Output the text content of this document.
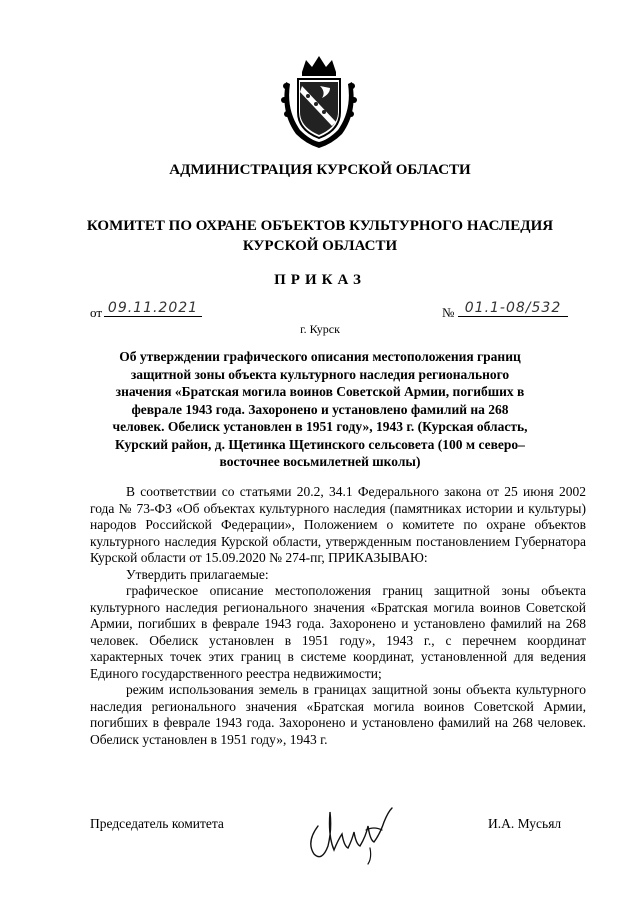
АДМИНИСТРАЦИЯ КУРСКОЙ ОБЛАСТИ
КОМИТЕТ ПО ОХРАНЕ ОБЪЕКТОВ КУЛЬТУРНОГО НАСЛЕДИЯ КУРСКОЙ ОБЛАСТИ
ПРИКАЗ
от 09.11.2021	№ 01.1-08/532
г. Курск
Об утверждении графического описания местоположения границ защитной зоны объекта культурного наследия регионального значения «Братская могила воинов Советской Армии, погибших в феврале 1943 года. Захоронено и установлено фамилий на 268 человек. Обелиск установлен в 1951 году», 1943 г. (Курская область, Курский район, д. Щетинка Щетинского сельсовета (100 м северо–восточнее восьмилетней школы)

В соответствии со статьями 20.2, 34.1 Федерального закона от 25 июня 2002 года № 73-ФЗ «Об объектах культурного наследия (памятниках истории и культуры) народов Российской Федерации», Положением о комитете по охране объектов культурного наследия Курской области, утвержденным постановлением Губернатора Курской области от 15.09.2020 № 274-пг, ПРИКАЗЫВАЮ:

Утвердить прилагаемые:

графическое описание местоположения границ защитной зоны объекта культурного наследия регионального значения «Братская могила воинов Советской Армии, погибших в феврале 1943 года. Захоронено и установлено фамилий на 268 человек. Обелиск установлен в 1951 году», 1943 г., с перечнем координат характерных точек этих границ в системе координат, установленной для ведения Единого государственного реестра недвижимости;

режим использования земель в границах защитной зоны объекта культурного наследия регионального значения «Братская могила воинов Советской Армии, погибших в феврале 1943 года. Захоронено и установлено фамилий на 268 человек. Обелиск установлен в 1951 году», 1943 г.

Председатель комитета	И.А. Мусьял
